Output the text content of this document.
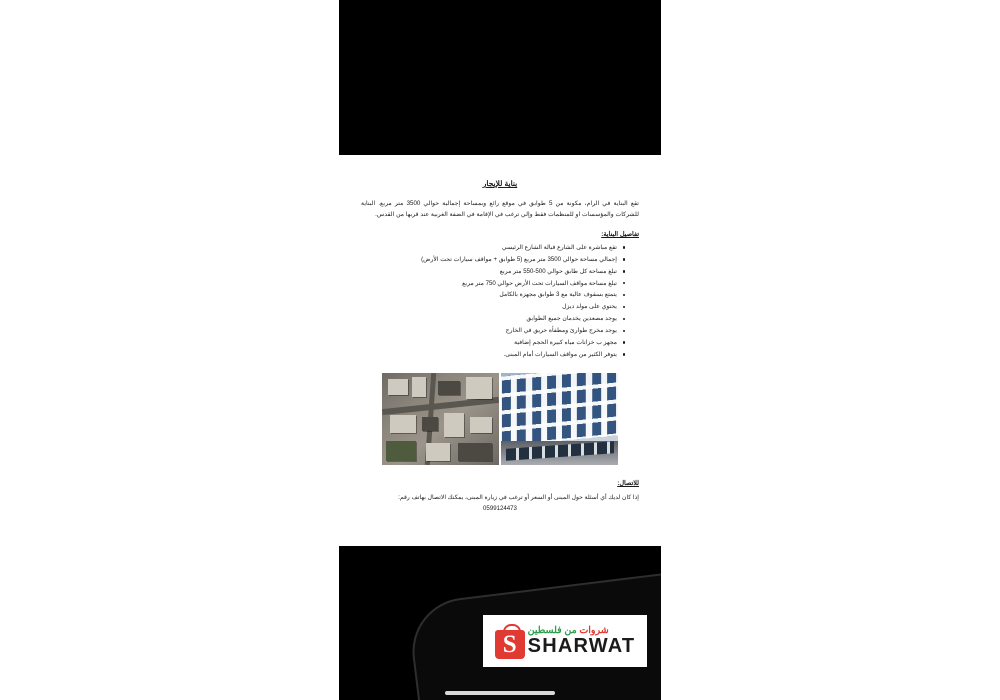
بناية للإيجار

تقع البناية في الرام، مكونة من 5 طوابق في موقع رائع وبمساحة إجمالية حوالي 3500 متر مربع. البناية للشركات والمؤسسات او للمنظمات فقط وإلي ترغب في الإقامة في الضفة الغربية عند قربها من القدس.

تفاصيل البناية:
تقع مباشرة على الشارع قبالة الشارع الرئيسي
إجمالي مساحة حوالي 3500 متر مربع (5 طوابق + مواقف سيارات تحت الأرض)
تبلغ مساحة كل طابق حوالي 500-550 متر مربع
تبلغ مساحة مواقف السيارات تحت الأرض حوالي 750 متر مربع
يتمتع بسقوف عالية مع 3 طوابق مجهزة بالكامل
يحتوي على مولد ديزل
يوجد مصعدين يخدمان جميع الطوابق
يوجد مخرج طوارئ ومطفأة حريق في الخارج
مجهز ب خزانات مياه كبيرة الحجم إضافية
يتوفر الكثير من مواقف السيارات أمام المبنى.
للاتصال:

إذا كان لديك أي أسئلة حول المبنى أو السعر أو ترغب في زيارة المبنى، يمكنك الاتصال بهاتف رقم:

0599124473

S
شروات من فلسطين
SHARWAT
